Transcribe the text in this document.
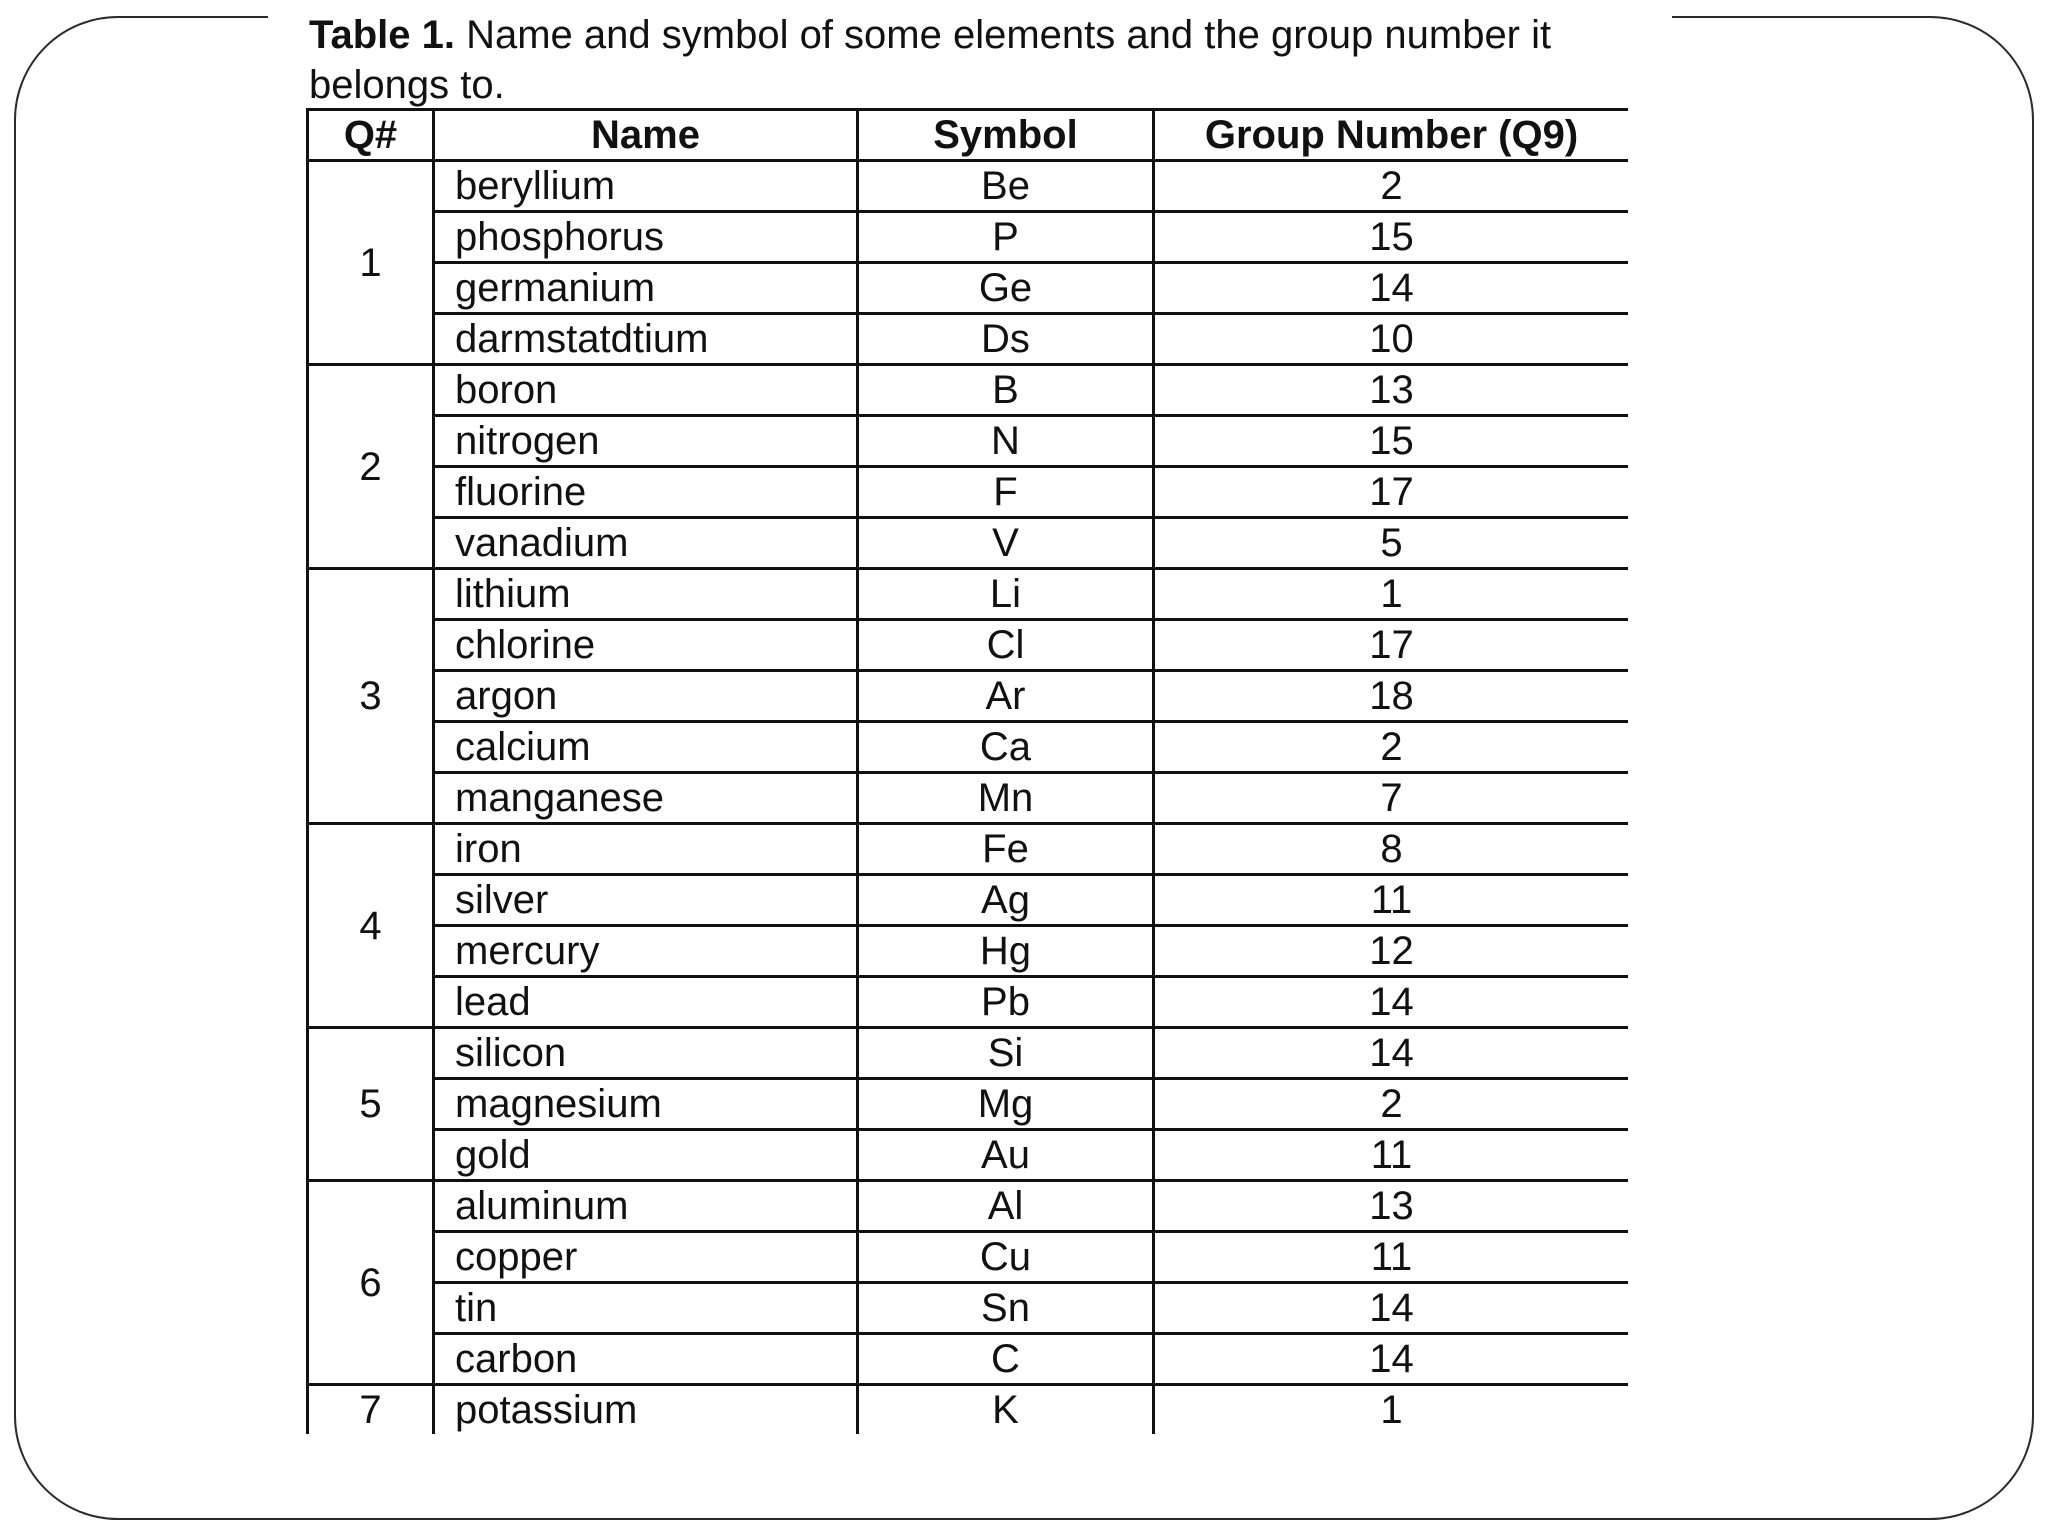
Table 1. Name and symbol of some elements and the group number it belongs to.
Q#	Name	Symbol	Group Number (Q9)
1	beryllium	Be	2
	phosphorus	P	15
	germanium	Ge	14
	darmstatdtium	Ds	10
2	boron	B	13
	nitrogen	N	15
	fluorine	F	17
	vanadium	V	5
3	lithium	Li	1
	chlorine	Cl	17
	argon	Ar	18
	calcium	Ca	2
	manganese	Mn	7
4	iron	Fe	8
	silver	Ag	11
	mercury	Hg	12
	lead	Pb	14
5	silicon	Si	14
	magnesium	Mg	2
	gold	Au	11
6	aluminum	Al	13
	copper	Cu	11
	tin	Sn	14
	carbon	C	14
7	potassium	K	1
